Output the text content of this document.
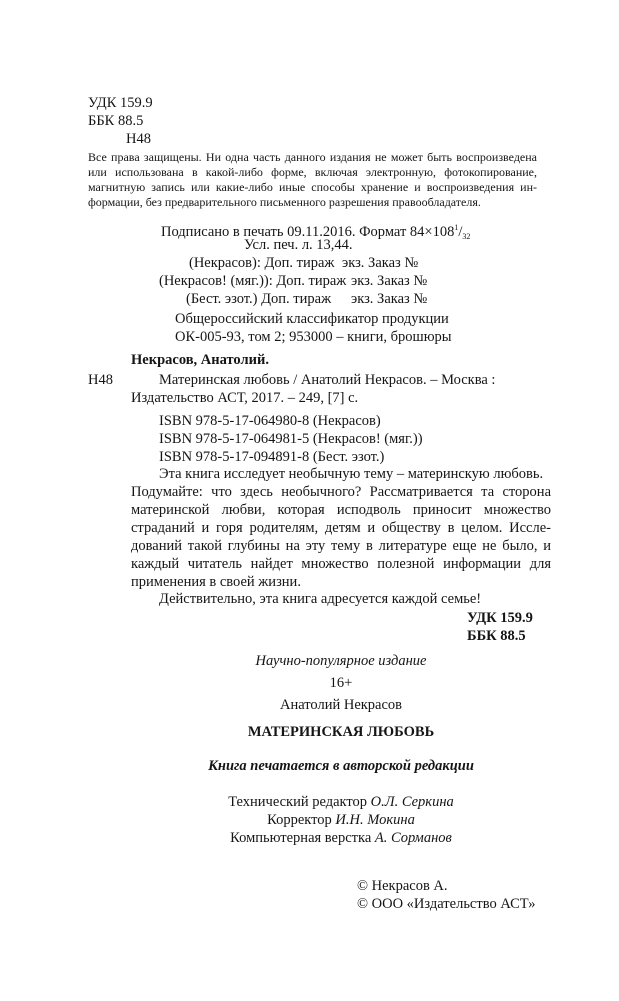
УДК 159.9
ББК 88.5
Н48
Все права защищены. Ни одна часть данного издания не может быть воспроизведена
или использована в какой-либо форме, включая электронную, фотокопирование,
магнитную запись или какие-либо иные способы хранение и воспроизведения ин-
формации, без предварительного письменного разрешения правообладателя.
Подписано в печать 09.11.2016. Формат $84\times 108^1/_{32}$
Усл. печ. л. 13,44.
(Некрасов): Доп. тираж экз. Заказ №
(Некрасов! (мяг.)): Доп. тираж экз. Заказ №
(Бест. эзот.) Доп. тираж экз. Заказ №
Общероссийский классификатор продукции
ОК-005-93, том 2; 953000 – книги, брошюры
Некрасов, Анатолий.
Н48	Материнская любовь / Анатолий Некрасов. – Москва :
Издательство АСТ, 2017. – 249, [7] с.
ISBN 978-5-17-064980-8 (Некрасов)
ISBN 978-5-17-064981-5 (Некрасов! (мяг.))
ISBN 978-5-17-094891-8 (Бест. эзот.)
Эта книга исследует необычную тему – материнскую любовь.
Подумайте: что здесь необычного? Рассматривается та сторона
материнской любви, которая исподволь приносит множество
страданий и горя родителям, детям и обществу в целом. Иссле-
дований такой глубины на эту тему в литературе еще не было, и
каждый читатель найдет множество полезной информации для
применения в своей жизни.
Действительно, эта книга адресуется каждой семье!
УДК 159.9
ББК 88.5
Научно-популярное издание
16+
Анатолий Некрасов
МАТЕРИНСКАЯ ЛЮБОВЬ
Книга печатается в авторской редакции
Технический редактор О.Л. Серкина
Корректор И.Н. Мокина
Компьютерная верстка А. Сорманов
© Некрасов А.
© ООО «Издательство АСТ»
